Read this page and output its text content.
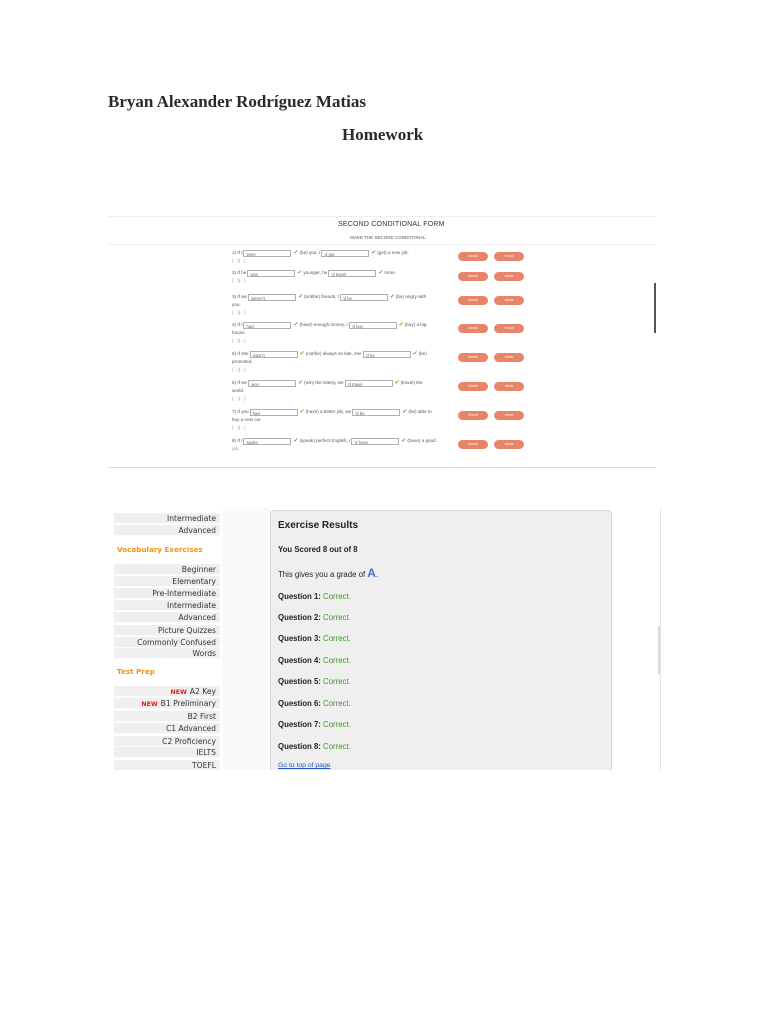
Bryan Alexander Rodríguez Matias
Homework
SECOND CONDITIONAL FORM
MAKE THE SECOND CONDITIONAL
1) If I were	✔ (be) you, I 'd get	✔ (get) a new job.
( . )( . )
check	show
2) If he was	✔ younger, he 'd travel	✔ more.
( . )( . )
check	show
3) If we weren't	✔ (not/be) friends, I 'd be	✔ (be) angry with
you.
( . )( . )
check	show
4) If I had	✔ (have) enough money, I 'd buy	✔ (buy) a big
house.
( . )( . )
check	show
5) If she wasn't	✔ (not/be) always so late, she 'd be	✔ (be)
promoted.
( . )( . )
check	show
6) If we won	✔ (win) the lottery, we 'd travel	✔ (travel) the
world.
( . )( . )
check	show
7) If you had	✔ (have) a better job, we 'd be	✔ (be) able to
buy a new car.
( . )( . )
check	show
8) If I spoke	✔ (speak) perfect English, I 'd have	✔ (have) a good
job.
check	show
Intermediate
Advanced
Vocabulary Exercises
Beginner
Elementary
Pre-Intermediate
Intermediate
Advanced
Picture Quizzes
Commonly Confused
Words
Test Prep
NEW A2 Key
NEW B1 Preliminary
B2 First
C1 Advanced
C2 Proficiency
IELTS
TOEFL
Exercise Results
You Scored 8 out of 8
This gives you a grade of A.
Question 1: Correct.
Question 2: Correct.
Question 3: Correct.
Question 4: Correct.
Question 5: Correct.
Question 6: Correct.
Question 7: Correct.
Question 8: Correct.
Go to top of page
